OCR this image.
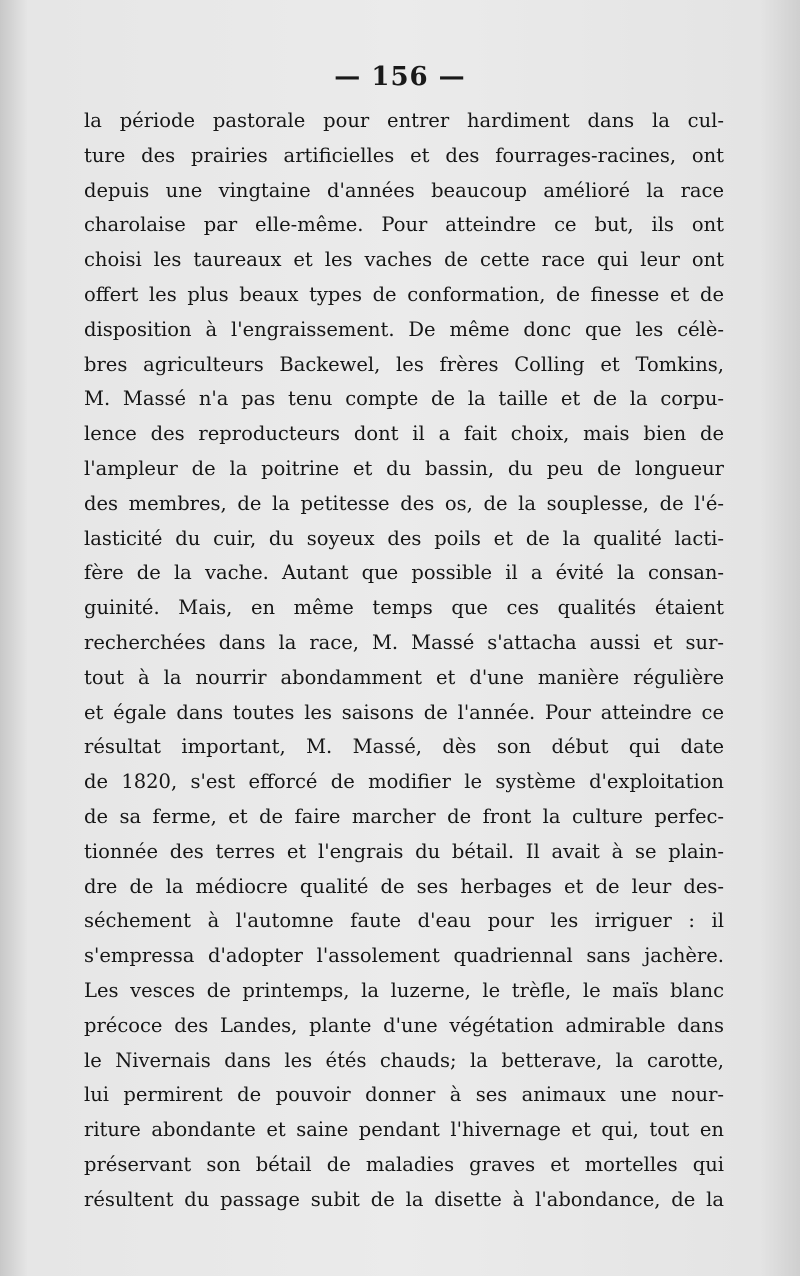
— 156 —
la période pastorale pour entrer hardiment dans la cul-
ture des prairies artificielles et des fourrages-racines, ont
depuis une vingtaine d'années beaucoup amélioré la race
charolaise par elle-même. Pour atteindre ce but, ils ont
choisi les taureaux et les vaches de cette race qui leur ont
offert les plus beaux types de conformation, de finesse et de
disposition à l'engraissement. De même donc que les célè-
bres agriculteurs Backewel, les frères Colling et Tomkins,
M. Massé n'a pas tenu compte de la taille et de la corpu-
lence des reproducteurs dont il a fait choix, mais bien de
l'ampleur de la poitrine et du bassin, du peu de longueur
des membres, de la petitesse des os, de la souplesse, de l'é-
lasticité du cuir, du soyeux des poils et de la qualité lacti-
fère de la vache. Autant que possible il a évité la consan-
guinité. Mais, en même temps que ces qualités étaient
recherchées dans la race, M. Massé s'attacha aussi et sur-
tout à la nourrir abondamment et d'une manière régulière
et égale dans toutes les saisons de l'année. Pour atteindre ce
résultat important, M. Massé, dès son début qui date
de 1820, s'est efforcé de modifier le système d'exploitation
de sa ferme, et de faire marcher de front la culture perfec-
tionnée des terres et l'engrais du bétail. Il avait à se plain-
dre de la médiocre qualité de ses herbages et de leur des-
séchement à l'automne faute d'eau pour les irriguer : il
s'empressa d'adopter l'assolement quadriennal sans jachère.
Les vesces de printemps, la luzerne, le trèfle, le maïs blanc
précoce des Landes, plante d'une végétation admirable dans
le Nivernais dans les étés chauds; la betterave, la carotte,
lui permirent de pouvoir donner à ses animaux une nour-
riture abondante et saine pendant l'hivernage et qui, tout en
préservant son bétail de maladies graves et mortelles qui
résultent du passage subit de la disette à l'abondance, de la
